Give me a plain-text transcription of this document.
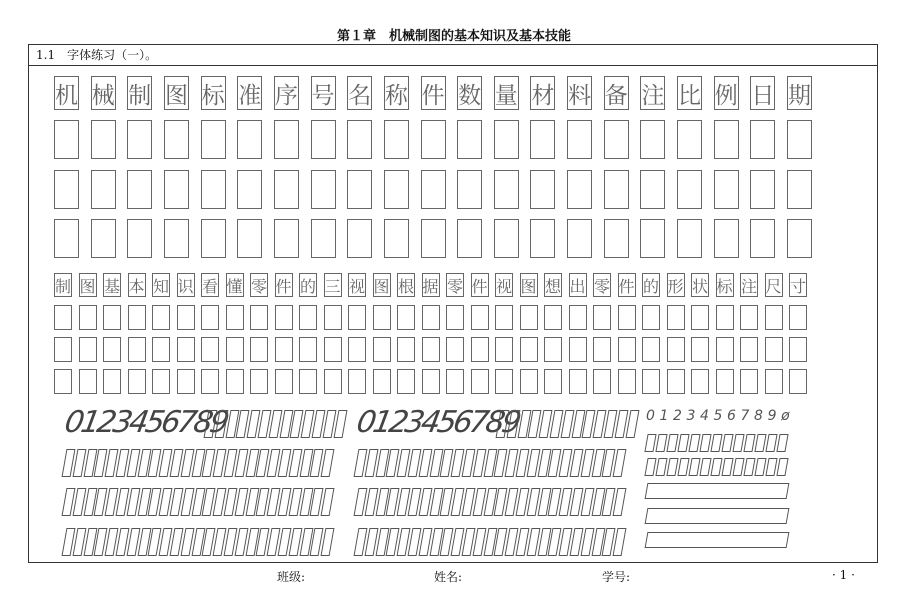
第１章　机械制图的基本知识及基本技能
1.1　字体练习（一）。
机 械 制 图 标 准 序 号 名 称 件 数 量 材 料 备 注 比 例 日 期
制 图 基 本 知 识 看 懂 零 件 的 三 视 图 根 据 零 件 视 图 想 出 零 件 的 形 状 标 注 尺 寸
0123456789	0123456789	0123456789ø
班级:	姓名:	学号:	· 1 ·
